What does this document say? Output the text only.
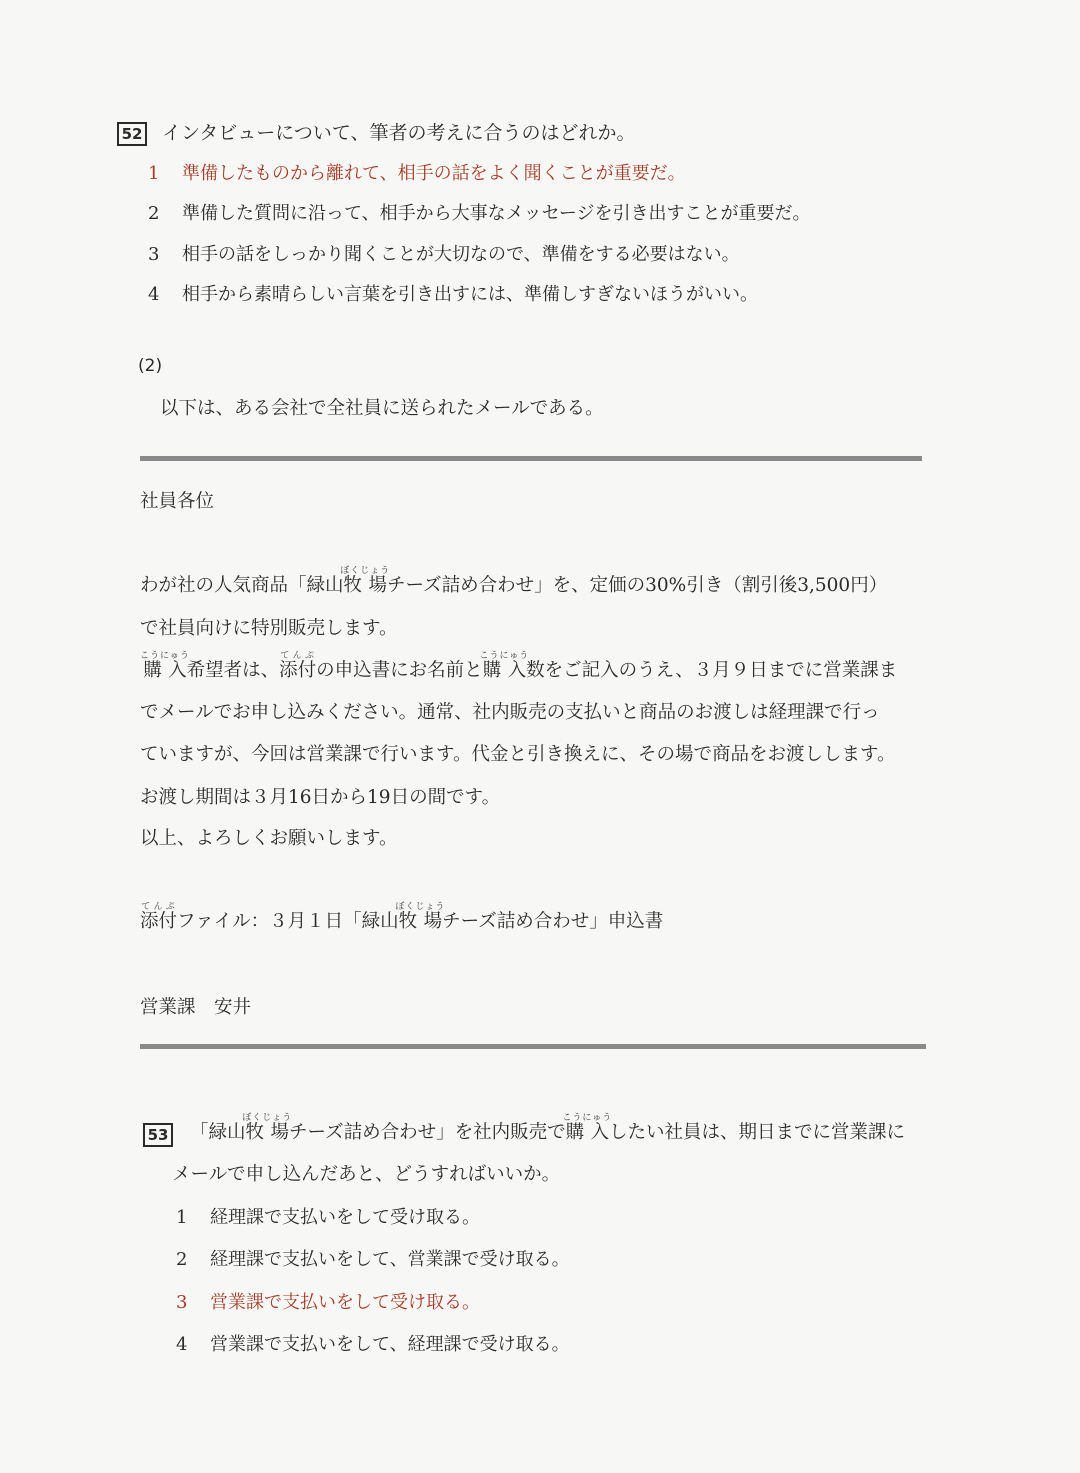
52 インタビューについて、筆者の考えに合うのはどれか。
1 準備したものから離れて、相手の話をよく聞くことが重要だ。
2 準備した質問に沿って、相手から大事なメッセージを引き出すことが重要だ。
3 相手の話をしっかり聞くことが大切なので、準備をする必要はない。
4 相手から素晴らしい言葉を引き出すには、準備しすぎないほうがいい。
(2)
以下は、ある会社で全社員に送られたメールである。
社員各位
わが社の人気商品「緑山牧場ぼくじょうチーズ詰め合わせ」を、定価の30%引き（割引後3,500円）
で社員向けに特別販売します。
購入こうにゅう希望者は、添付てんぷの申込書にお名前と購入こうにゅう数をご記入のうえ、３月９日までに営業課ま
でメールでお申し込みください。通常、社内販売の支払いと商品のお渡しは経理課で行っ
ていますが、今回は営業課で行います。代金と引き換えに、その場で商品をお渡しします。
お渡し期間は３月16日から19日の間です。
以上、よろしくお願いします。
添付てんぷファイル：３月１日「緑山牧場ぼくじょうチーズ詰め合わせ」申込書
営業課　安井
53 「緑山牧場ぼくじょうチーズ詰め合わせ」を社内販売で購入こうにゅうしたい社員は、期日までに営業課に
メールで申し込んだあと、どうすればいいか。
1 経理課で支払いをして受け取る。
2 経理課で支払いをして、営業課で受け取る。
3 営業課で支払いをして受け取る。
4 営業課で支払いをして、経理課で受け取る。
